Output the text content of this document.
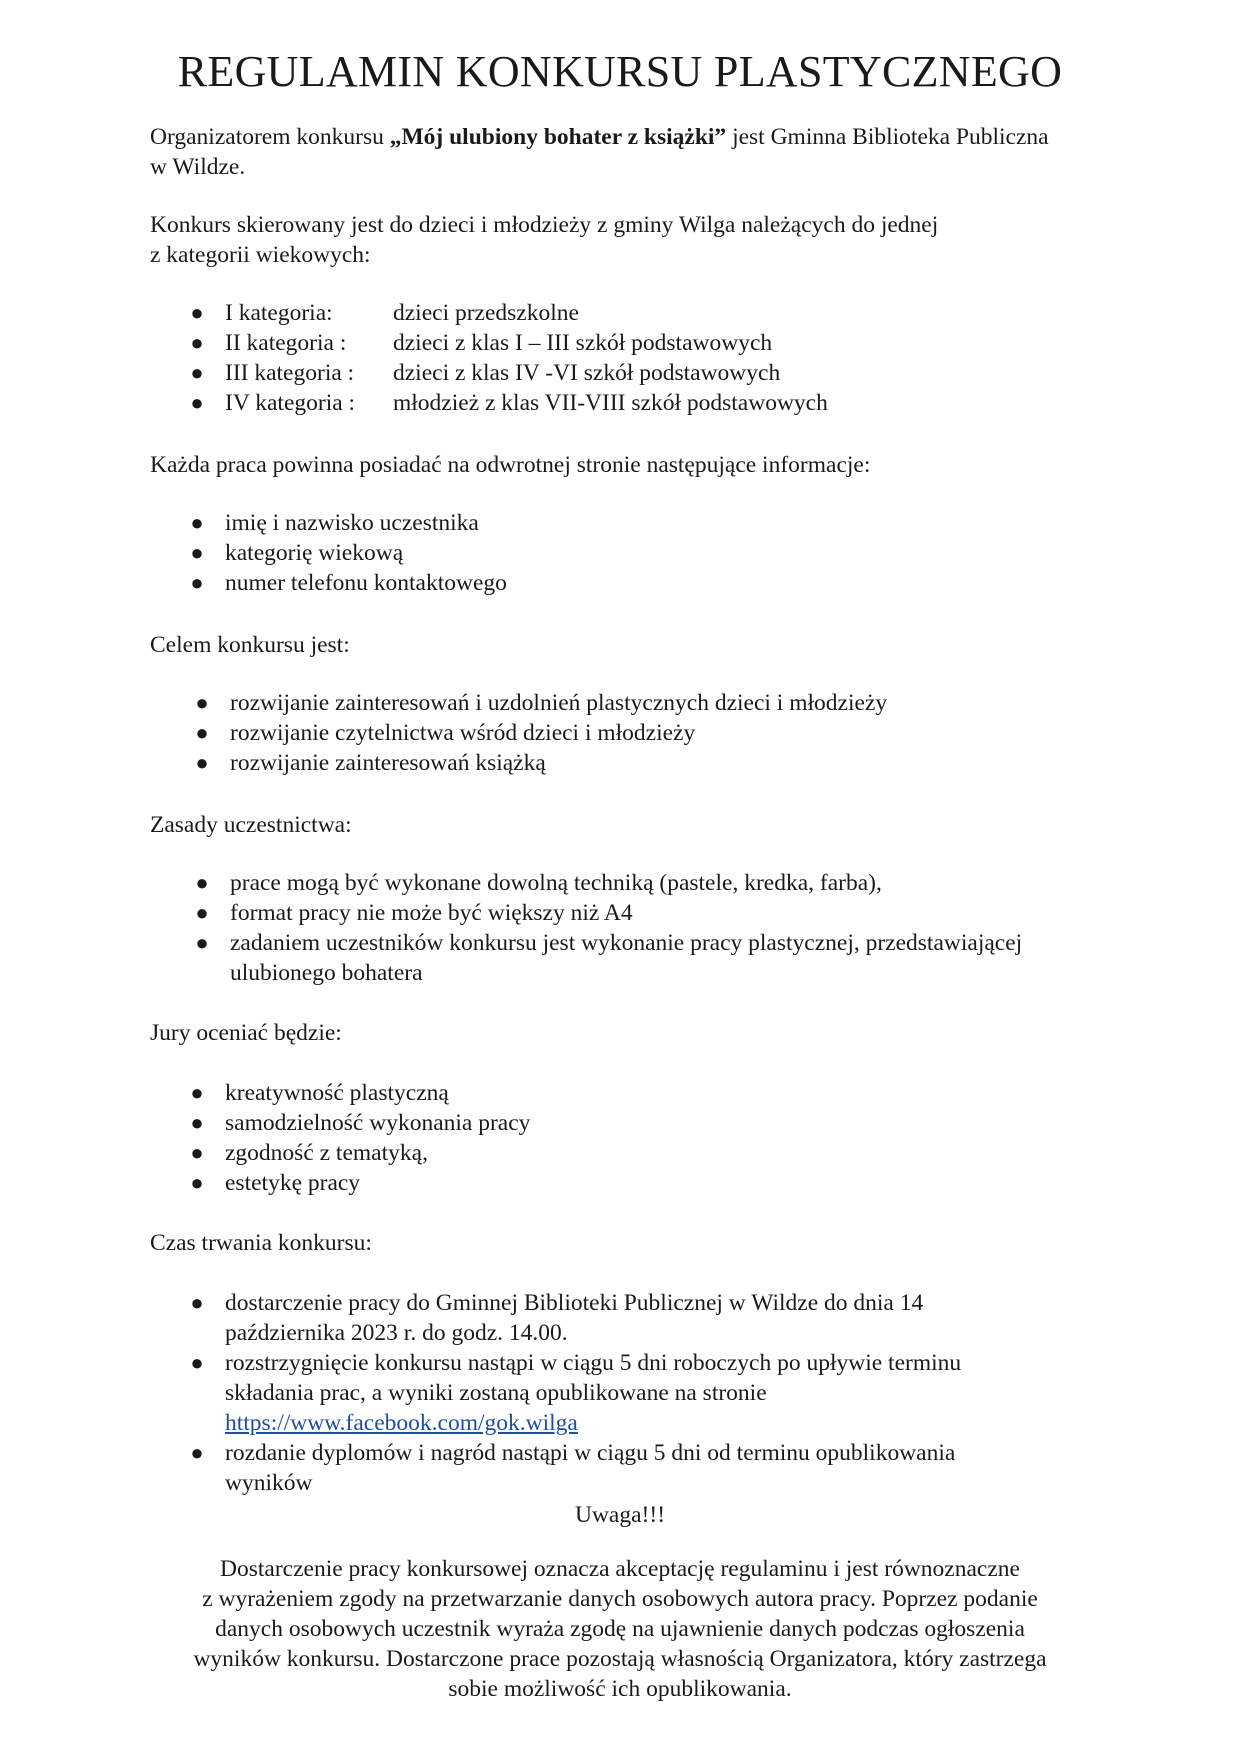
REGULAMIN KONKURSU PLASTYCZNEGO

Organizatorem konkursu „Mój ulubiony bohater z książki” jest Gminna Biblioteka Publiczna w Wildze.

Konkurs skierowany jest do dzieci i młodzieży z gminy Wilga należących do jednej

z kategorii wiekowych:

● I kategoria:	dzieci przedszkolne
● II kategoria : dzieci z klas I – III szkół podstawowych
● III kategoria : dzieci z klas IV -VI szkół podstawowych
● IV kategoria : młodzież z klas VII-VIII szkół podstawowych

Każda praca powinna posiadać na odwrotnej stronie następujące informacje:

● imię i nazwisko uczestnika
● kategorię wiekową
● numer telefonu kontaktowego

Celem konkursu jest:

● rozwijanie zainteresowań i uzdolnień plastycznych dzieci i młodzieży
● rozwijanie czytelnictwa wśród dzieci i młodzieży
● rozwijanie zainteresowań książką

Zasady uczestnictwa:

● prace mogą być wykonane dowolną techniką (pastele, kredka, farba),
● format pracy nie może być większy niż A4
● zadaniem uczestników konkursu jest wykonanie pracy plastycznej, przedstawiającej ulubionego bohatera

Jury oceniać będzie:

● kreatywność plastyczną
● samodzielność wykonania pracy
● zgodność z tematyką,
● estetykę pracy

Czas trwania konkursu:

● dostarczenie pracy do Gminnej Biblioteki Publicznej w Wildze do dnia 14 października 2023 r. do godz. 14.00.
● rozstrzygnięcie konkursu nastąpi w ciągu 5 dni roboczych po upływie terminu składania prac, a wyniki zostaną opublikowane na stronie
https://www.facebook.com/gok.wilga
● rozdanie dyplomów i nagród nastąpi w ciągu 5 dni od terminu opublikowania wyników

Uwaga!!!

Dostarczenie pracy konkursowej oznacza akceptację regulaminu i jest równoznaczne
z wyrażeniem zgody na przetwarzanie danych osobowych autora pracy. Poprzez podanie
danych osobowych uczestnik wyraża zgodę na ujawnienie danych podczas ogłoszenia
wyników konkursu. Dostarczone prace pozostają własnością Organizatora, który zastrzega
sobie możliwość ich opublikowania.
